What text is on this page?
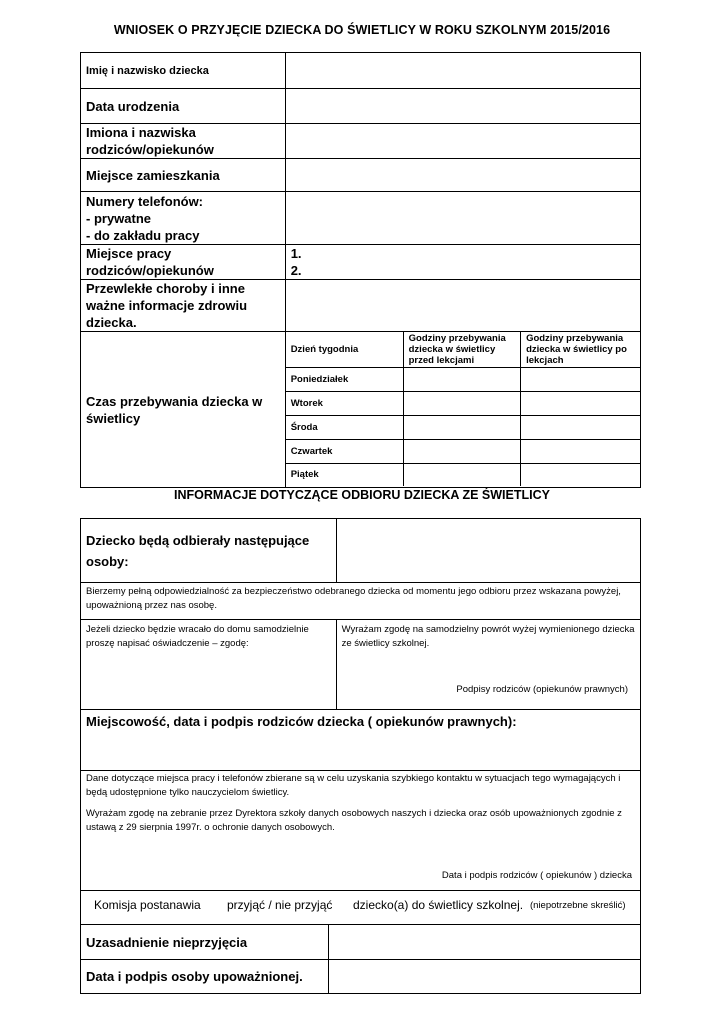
WNIOSEK O PRZYJĘCIE DZIECKA DO ŚWIETLICY W ROKU SZKOLNYM 2015/2016
Imię i nazwisko dziecka	
Data urodzenia	

Imiona i nazwiska
rodziców/opiekunów

Miejsce zamieszkania	

Numery telefonów:
- prywatne
- do zakładu pracy

Miejsce pracy
rodziców/opiekunów

1.
2.

Przewlekłe choroby i inne
ważne informacje zdrowiu
dziecka.

Czas przebywania dziecka w
świetlicy

Dzień tygodnia	Godziny przebywania dziecka w świetlicy przed lekcjami	Godziny przebywania dziecka w świetlicy po lekcjach
Poniedziałek		
Wtorek		
Środa		
Czwartek		
Piątek		
INFORMACJE DOTYCZĄCE ODBIORU DZIECKA ZE ŚWIETLICY
Dziecko będą odbierały następujące
osoby:	

Bierzemy pełną odpowiedzialność za bezpieczeństwo odebranego dziecka od momentu jego odbioru przez wskazana powyżej, upoważnioną przez nas osobę.	
Jeżeli dziecko będzie wracało do domu samodzielnie proszę napisać oświadczenie – zgodę:	Wyrażam zgodę na samodzielny powrót wyżej wymienionego dziecka ze świetlicy szkolnej.
Podpisy rodziców (opiekunów prawnych)

Miejscowość, data i podpis rodziców dziecka ( opiekunów prawnych):	

Dane dotyczące miejsca pracy i telefonów zbierane są w celu uzyskania szybkiego kontaktu w sytuacjach tego wymagających i będą udostępnione tylko nauczycielom świetlicy.
Wyrażam zgodę na zebranie przez Dyrektora szkoły danych osobowych naszych i dziecka oraz osób upoważnionych zgodnie z ustawą z 29 sierpnia 1997r. o ochronie danych osobowych.
Data i podpis rodziców ( opiekunów ) dziecka	
Komisja postanawia przyjąć / nie przyjąć dziecko(a) do świetlicy szkolnej. (niepotrzebne skreślić)
Uzasadnienie nieprzyjęcia	
Data i podpis osoby upoważnionej.	
